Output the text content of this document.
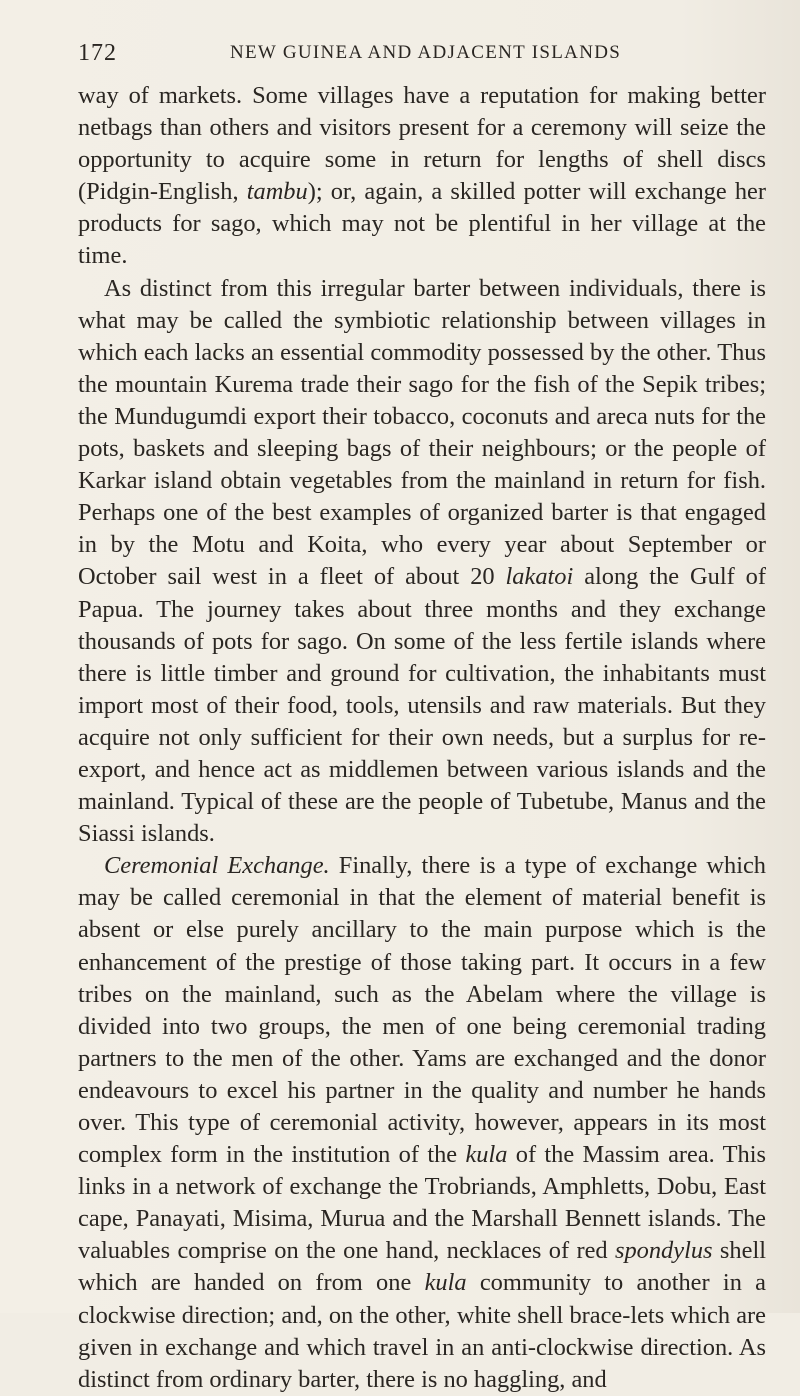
172	NEW GUINEA AND ADJACENT ISLANDS

way of markets. Some villages have a reputation for making better netbags than others and visitors present for a ceremony will seize the opportunity to acquire some in return for lengths of shell discs (Pidgin-English, tambu); or, again, a skilled potter will exchange her products for sago, which may not be plentiful in her village at the time.

As distinct from this irregular barter between individuals, there is what may be called the symbiotic relationship between villages in which each lacks an essential commodity possessed by the other. Thus the mountain Kurema trade their sago for the fish of the Sepik tribes; the Mundugumdi export their tobacco, coconuts and areca nuts for the pots, baskets and sleeping bags of their neighbours; or the people of Karkar island obtain vegetables from the mainland in return for fish. Perhaps one of the best examples of organized barter is that engaged in by the Motu and Koita, who every year about September or October sail west in a fleet of about 20 lakatoi along the Gulf of Papua. The journey takes about three months and they exchange thousands of pots for sago. On some of the less fertile islands where there is little timber and ground for cultivation, the inhabitants must import most of their food, tools, utensils and raw materials. But they acquire not only sufficient for their own needs, but a surplus for re-export, and hence act as middlemen between various islands and the mainland. Typical of these are the people of Tubetube, Manus and the Siassi islands.

Ceremonial Exchange. Finally, there is a type of exchange which may be called ceremonial in that the element of material benefit is absent or else purely ancillary to the main purpose which is the enhancement of the prestige of those taking part. It occurs in a few tribes on the mainland, such as the Abelam where the village is divided into two groups, the men of one being ceremonial trading partners to the men of the other. Yams are exchanged and the donor endeavours to excel his partner in the quality and number he hands over. This type of ceremonial activity, however, appears in its most complex form in the institution of the kula of the Massim area. This links in a network of exchange the Trobriands, Amphletts, Dobu, East cape, Panayati, Misima, Murua and the Marshall Bennett islands. The valuables comprise on the one hand, necklaces of red spondylus shell which are handed on from one kula community to another in a clockwise direction; and, on the other, white shell brace-lets which are given in exchange and which travel in an anti-clockwise direction. As distinct from ordinary barter, there is no haggling, and
